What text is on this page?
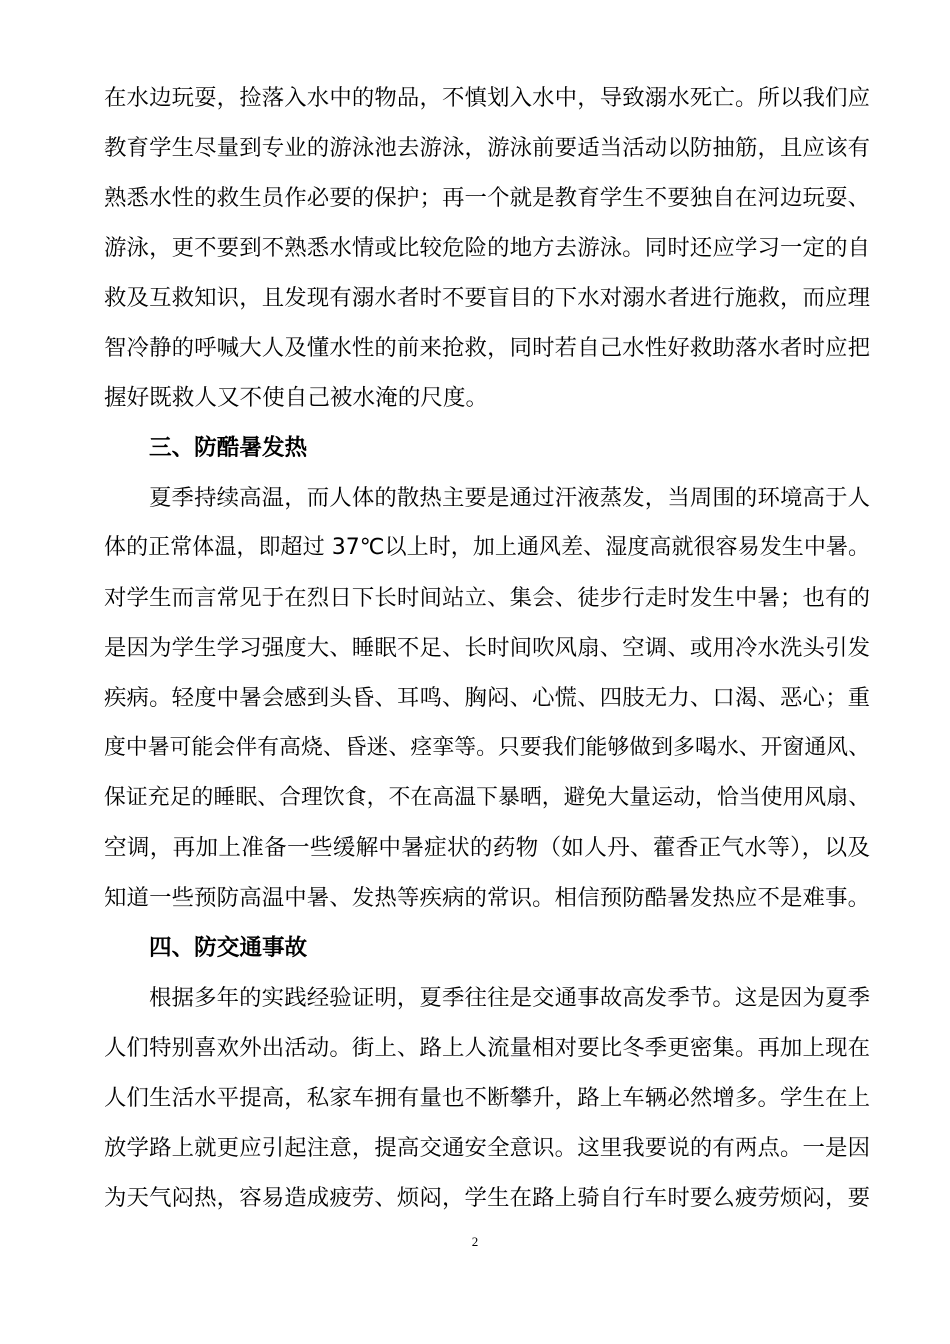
在水边玩耍，捡落入水中的物品，不慎划入水中，导致溺水死亡。所以我们应
教育学生尽量到专业的游泳池去游泳，游泳前要适当活动以防抽筋，且应该有
熟悉水性的救生员作必要的保护；再一个就是教育学生不要独自在河边玩耍、
游泳，更不要到不熟悉水情或比较危险的地方去游泳。同时还应学习一定的自
救及互救知识，且发现有溺水者时不要盲目的下水对溺水者进行施救，而应理
智冷静的呼喊大人及懂水性的前来抢救，同时若自己水性好救助落水者时应把
握好既救人又不使自己被水淹的尺度。
三、防酷暑发热
夏季持续高温，而人体的散热主要是通过汗液蒸发，当周围的环境高于人
体的正常体温，即超过 37℃以上时，加上通风差、湿度高就很容易发生中暑。
对学生而言常见于在烈日下长时间站立、集会、徒步行走时发生中暑；也有的
是因为学生学习强度大、睡眠不足、长时间吹风扇、空调、或用冷水洗头引发
疾病。轻度中暑会感到头昏、耳鸣、胸闷、心慌、四肢无力、口渴、恶心；重
度中暑可能会伴有高烧、昏迷、痉挛等。只要我们能够做到多喝水、开窗通风、
保证充足的睡眠、合理饮食，不在高温下暴晒，避免大量运动，恰当使用风扇、
空调，再加上准备一些缓解中暑症状的药物（如人丹、藿香正气水等），以及
知道一些预防高温中暑、发热等疾病的常识。相信预防酷暑发热应不是难事。
四、防交通事故
根据多年的实践经验证明，夏季往往是交通事故高发季节。这是因为夏季
人们特别喜欢外出活动。街上、路上人流量相对要比冬季更密集。再加上现在
人们生活水平提高，私家车拥有量也不断攀升，路上车辆必然增多。学生在上
放学路上就更应引起注意，提高交通安全意识。这里我要说的有两点。一是因
为天气闷热，容易造成疲劳、烦闷，学生在路上骑自行车时要么疲劳烦闷，要
2
